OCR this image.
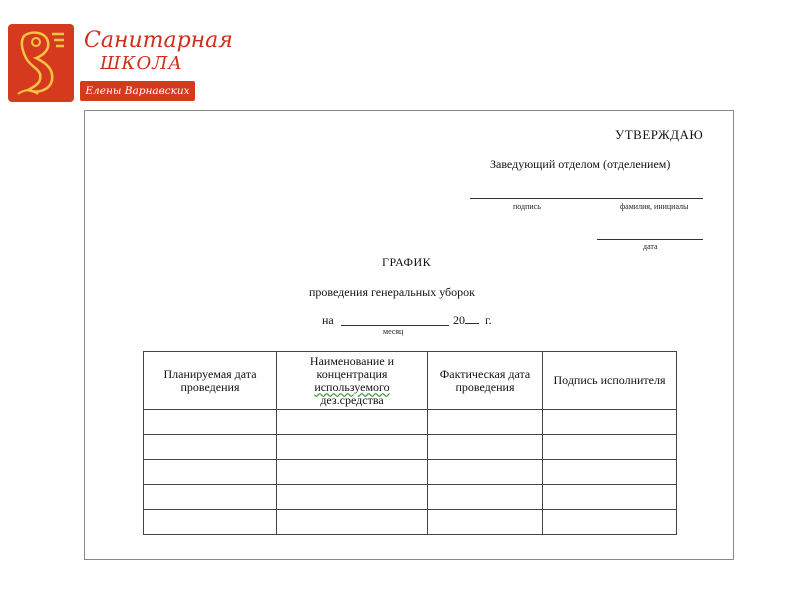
Санитарная
ШКОЛА
Елены Варнавских
УТВЕРЖДАЮ
Заведующий отделом (отделением)
подпись	фамилия, инициалы
дата
ГРАФИК
проведения генеральных уборок
на	20	г.
месяц
Планируемая дата проведения	Наименование и концентрация
используемого
дез.средства	Фактическая дата проведения	Подпись исполнителя
